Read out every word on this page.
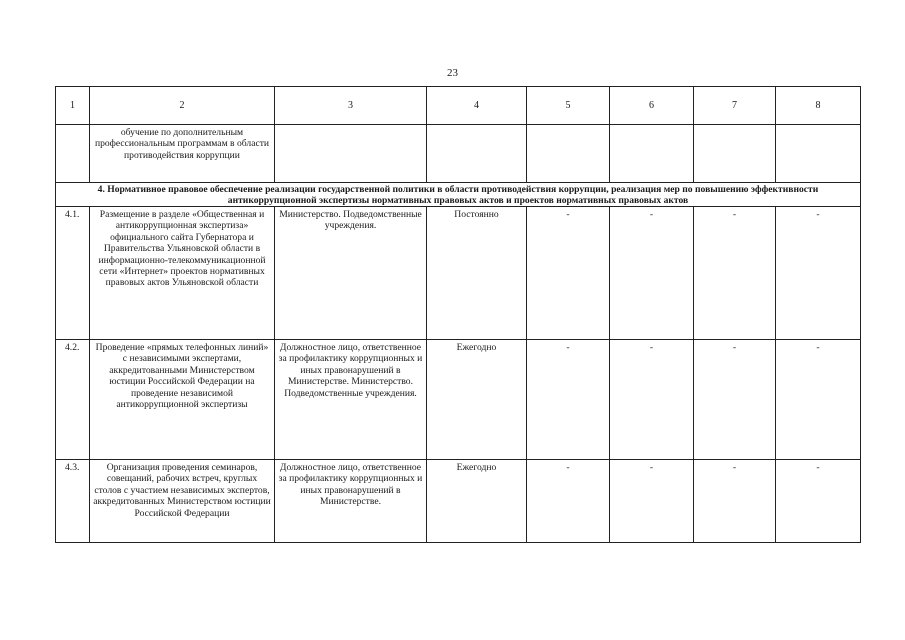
23
1	2	3	4	5	6	7	8
	обучение по дополнительным профессиональным программам в области противодействия коррупции						
4. Нормативное правовое обеспечение реализации государственной политики в области противодействия коррупции, реализация мер по повышению эффективности антикоррупционной экспертизы нормативных правовых актов и проектов нормативных правовых актов							
4.1.	Размещение в разделе «Общественная и антикоррупционная экспертиза» официального сайта Губернатора и Правительства Ульяновской области в информационно-телекоммуникационной сети «Интернет» проектов нормативных правовых актов Ульяновской области	Министерство. Подведомственные учреждения.	Постоянно	-	-	-	-
4.2.	Проведение «прямых телефонных линий» с независимыми экспертами, аккредитованными Министерством юстиции Российской Федерации на проведение независимой антикоррупционной экспертизы	Должностное лицо, ответственное за профилактику коррупционных и иных правонарушений в Министерстве. Министерство. Подведомственные учреждения.	Ежегодно	-	-	-	-
4.3.	Организация проведения семинаров, совещаний, рабочих встреч, круглых столов с участием независимых экспертов, аккредитованных Министерством юстиции Российской Федерации	Должностное лицо, ответственное за профилактику коррупционных и иных правонарушений в Министерстве.	Ежегодно	-	-	-	-
